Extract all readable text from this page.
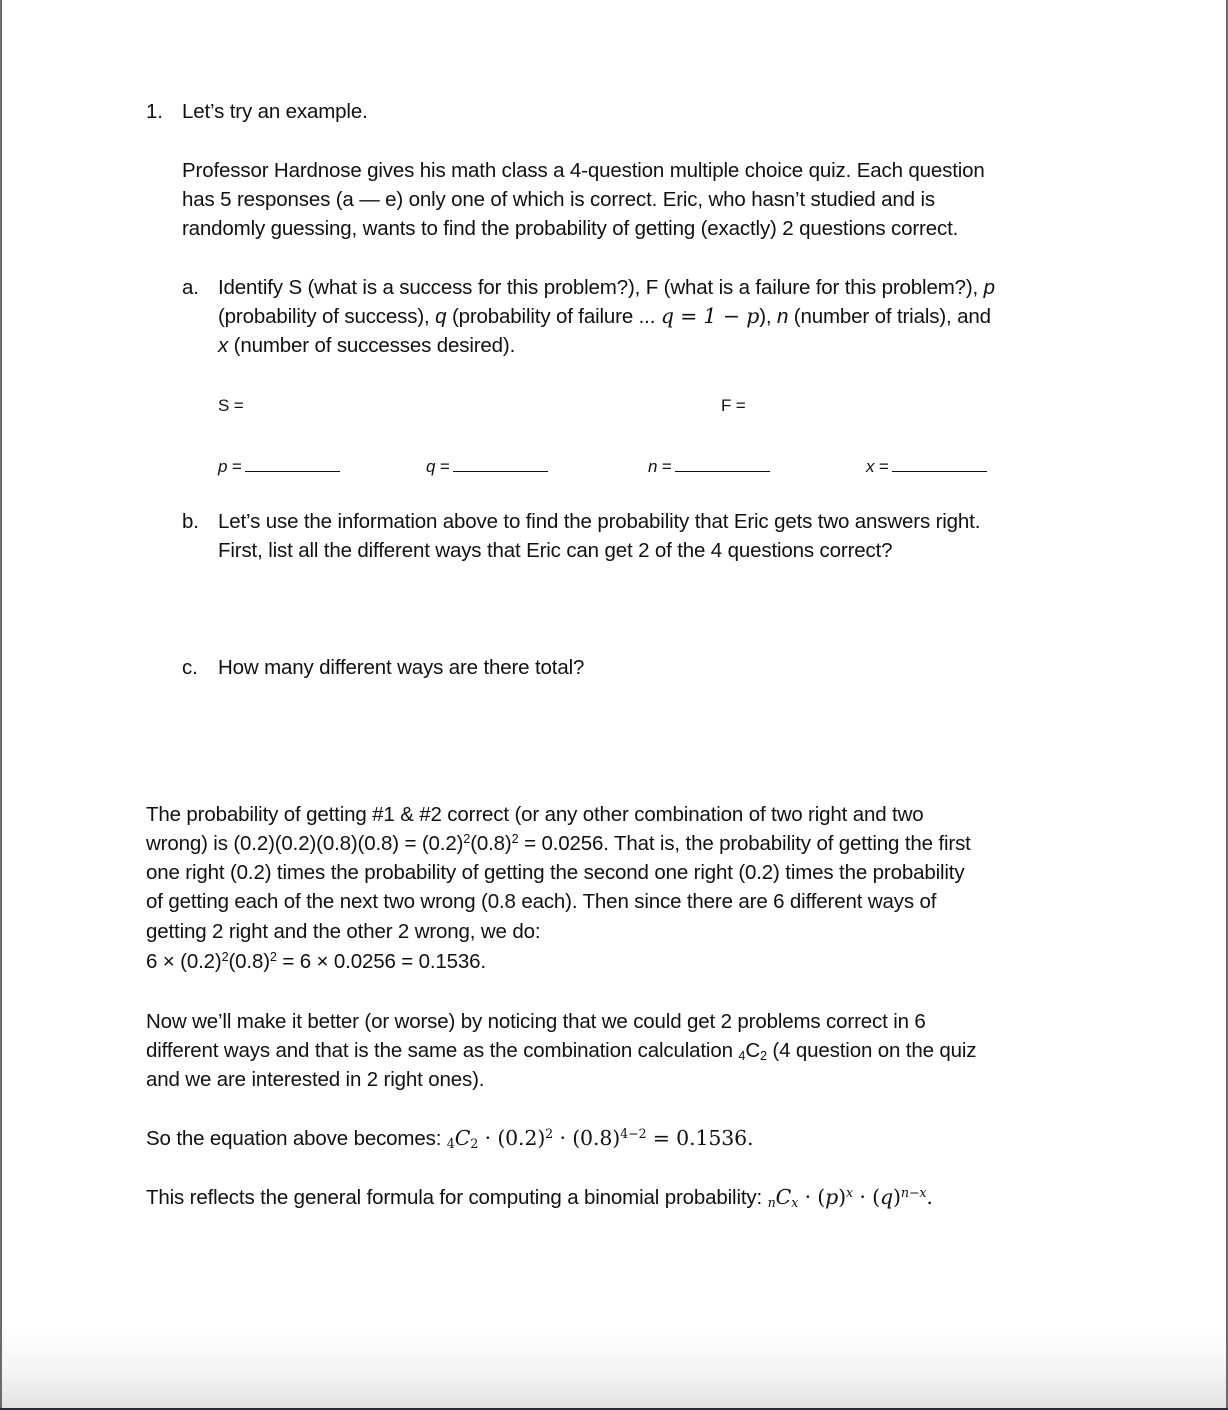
1. Let’s try an example.
Professor Hardnose gives his math class a 4-question multiple choice quiz. Each question
has 5 responses (a — e) only one of which is correct. Eric, who hasn’t studied and is
randomly guessing, wants to find the probability of getting (exactly) 2 questions correct.
a. Identify S (what is a success for this problem?), F (what is a failure for this problem?), p
(probability of success), q (probability of failure ... q = 1 − p), n (number of trials), and
x (number of successes desired).
S =	F =
p =	q =	n =	x =
b. Let’s use the information above to find the probability that Eric gets two answers right.
First, list all the different ways that Eric can get 2 of the 4 questions correct?
c. How many different ways are there total?
The probability of getting #1 & #2 correct (or any other combination of two right and two
wrong) is $(0.2)(0.2)(0.8)(0.8) = (0.2)^2(0.8)^2 = 0.0256$. That is, the probability of getting the first
one right (0.2) times the probability of getting the second one right (0.2) times the probability
of getting each of the next two wrong (0.8 each). Then since there are 6 different ways of
getting 2 right and the other 2 wrong, we do:
$6 \times (0.2)^2(0.8)^2 = 6 \times 0.0256 = 0.1536$.
Now we’ll make it better (or worse) by noticing that we could get 2 problems correct in 6
different ways and that is the same as the combination calculation $_4C_2$ (4 question on the quiz
and we are interested in 2 right ones).
So the equation above becomes: $_4C_2 \cdot (0.2)^2 \cdot (0.8)^{4-2} = 0.1536$.
This reflects the general formula for computing a binomial probability: $_nC_x \cdot (p)^x \cdot (q)^{n-x}$.
